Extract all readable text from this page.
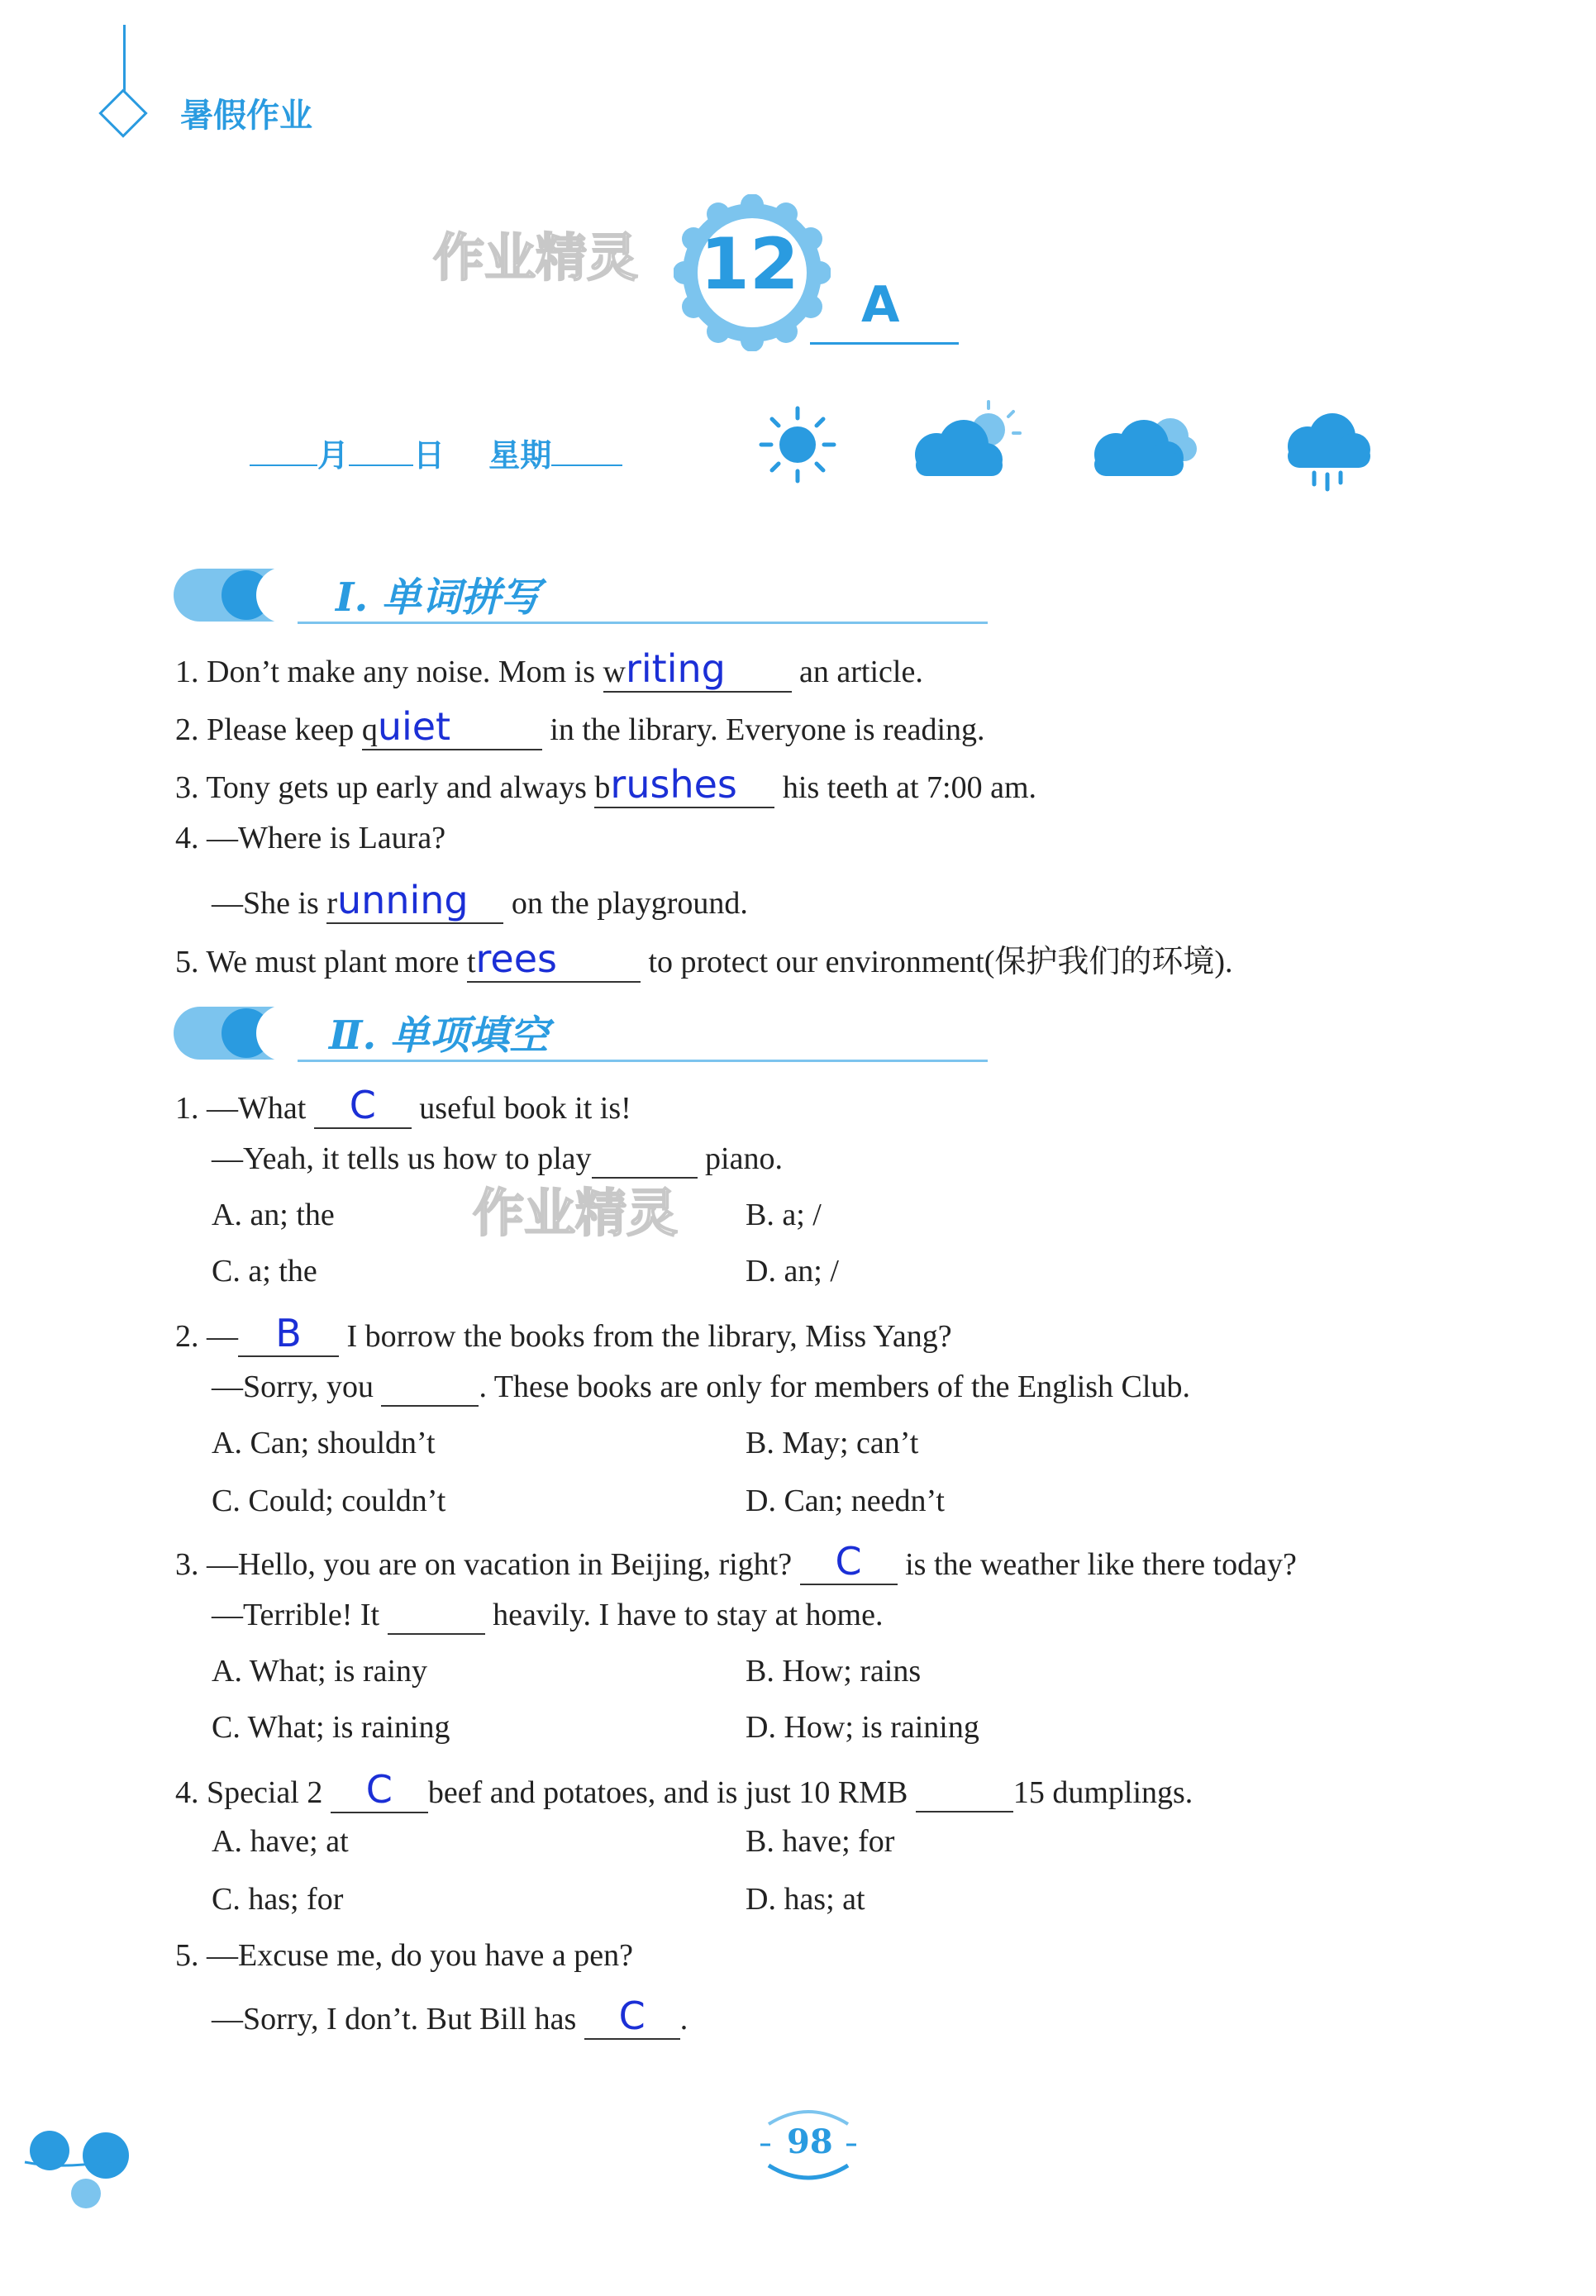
暑假作业
作业精灵
作业精灵
12 A
月 日 星期
Ⅰ. 单词拼写
1. Don’t make any noise. Mom is writing an article.
2. Please keep quiet	in the library. Everyone is reading.
3. Tony gets up early and always brushes his teeth at 7:00 am.
4. —Where is Laura?
—She is running on the playground.
5. We must plant more trees	to protect our environment(保护我们的环境).
Ⅱ. 单项填空
1. —What C useful book it is!
—Yeah, it tells us how to play	piano.
A. an; the	B. a; /
C. a; the	D. an; /
2. — B I borrow the books from the library, Miss Yang?
—Sorry, you	. These books are only for members of the English Club.
A. Can; shouldn’t	B. May; can’t
C. Could; couldn’t	D. Can; needn’t
3. —Hello, you are on vacation in Beijing, right? C is the weather like there today?
—Terrible! It	heavily. I have to stay at home.
A. What; is rainy	B. How; rains
C. What; is raining	D. How; is raining
4. Special 2 C beef and potatoes, and is just 10 RMB	15 dumplings.
A. have; at	B. have; for
C. has; for	D. has; at
5. —Excuse me, do you have a pen?
—Sorry, I don’t. But Bill has C .
98
